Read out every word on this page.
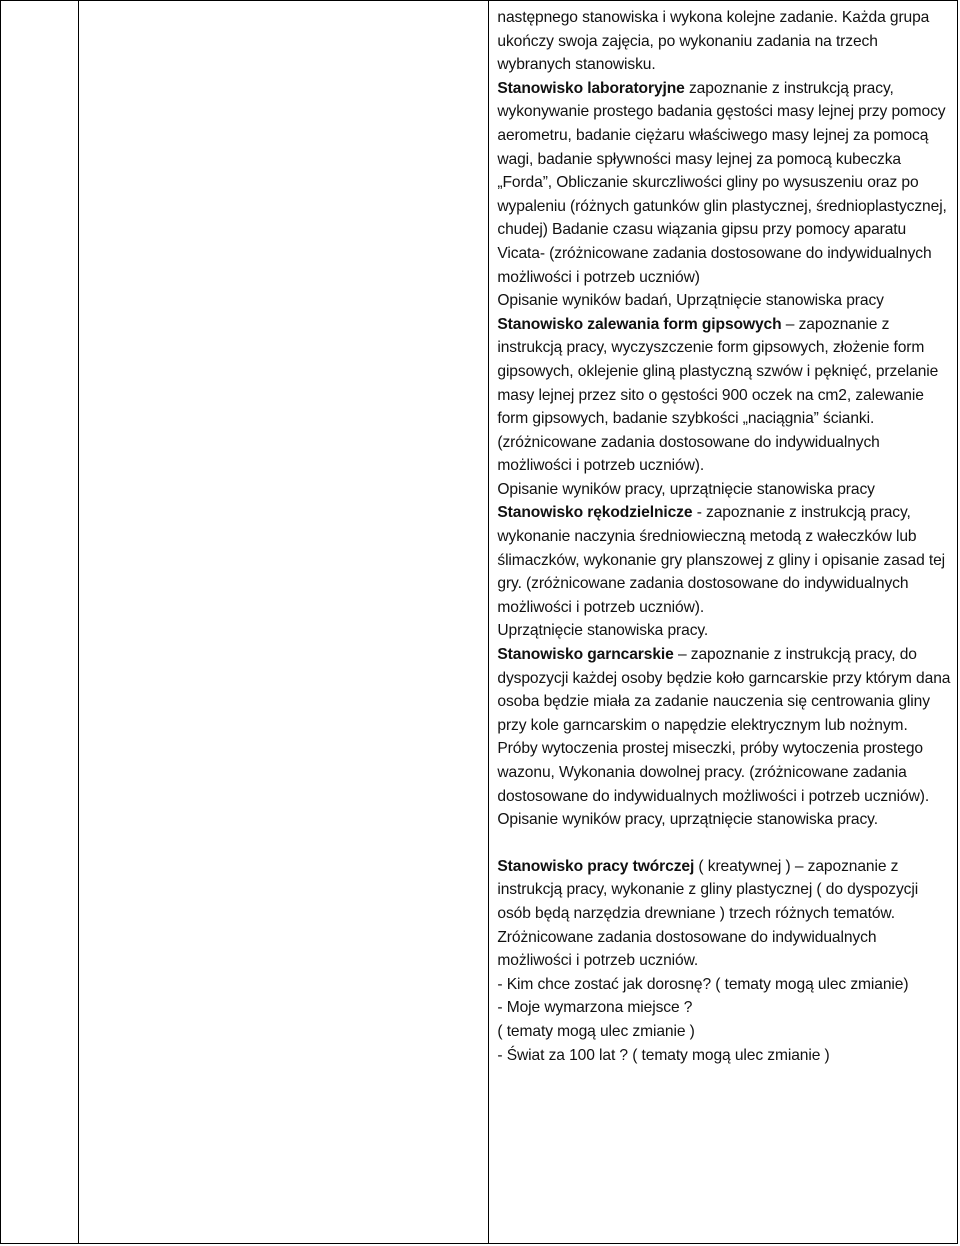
następnego stanowiska i wykona kolejne zadanie. Każda grupa ukończy swoja zajęcia, po wykonaniu zadania na trzech wybranych stanowisku.

Stanowisko laboratoryjne zapoznanie z instrukcją pracy, wykonywanie prostego badania gęstości masy lejnej przy pomocy aerometru, badanie ciężaru właściwego masy lejnej za pomocą wagi, badanie spływności masy lejnej za pomocą kubeczka „Forda”, Obliczanie skurczliwości gliny po wysuszeniu oraz po wypaleniu (różnych gatunków glin plastycznej, średnioplastycznej, chudej) Badanie czasu wiązania gipsu przy pomocy aparatu Vicata- (zróżnicowane zadania dostosowane do indywidualnych możliwości i potrzeb uczniów)

Opisanie wyników badań, Uprzątnięcie stanowiska pracy

Stanowisko zalewania form gipsowych – zapoznanie z instrukcją pracy, wyczyszczenie form gipsowych, złożenie form gipsowych, oklejenie gliną plastyczną szwów i pęknięć, przelanie masy lejnej przez sito o gęstości 900 oczek na cm2, zalewanie form gipsowych, badanie szybkości „naciągnia” ścianki.

(zróżnicowane zadania dostosowane do indywidualnych możliwości i potrzeb uczniów).

Opisanie wyników pracy, uprzątnięcie stanowiska pracy

Stanowisko rękodzielnicze - zapoznanie z instrukcją pracy, wykonanie naczynia średniowieczną metodą z wałeczków lub ślimaczków, wykonanie gry planszowej z gliny i opisanie zasad tej gry. (zróżnicowane zadania dostosowane do indywidualnych możliwości i potrzeb uczniów).

Uprzątnięcie stanowiska pracy.

Stanowisko garncarskie – zapoznanie z instrukcją pracy, do dyspozycji każdej osoby będzie koło garncarskie przy którym dana osoba będzie miała za zadanie nauczenia się centrowania gliny przy kole garncarskim o napędzie elektrycznym lub nożnym. Próby wytoczenia prostej miseczki, próby wytoczenia prostego wazonu, Wykonania dowolnej pracy. (zróżnicowane zadania dostosowane do indywidualnych możliwości i potrzeb uczniów).

Opisanie wyników pracy, uprzątnięcie stanowiska pracy.

Stanowisko pracy twórczej ( kreatywnej ) – zapoznanie z instrukcją pracy, wykonanie z gliny plastycznej ( do dyspozycji osób będą narzędzia drewniane ) trzech różnych tematów. Zróżnicowane zadania dostosowane do indywidualnych możliwości i potrzeb uczniów.

- Kim chce zostać jak dorosnę? ( tematy mogą ulec zmianie)

- Moje wymarzona miejsce ?

( tematy mogą ulec zmianie )

- Świat za 100 lat ? ( tematy mogą ulec zmianie )
